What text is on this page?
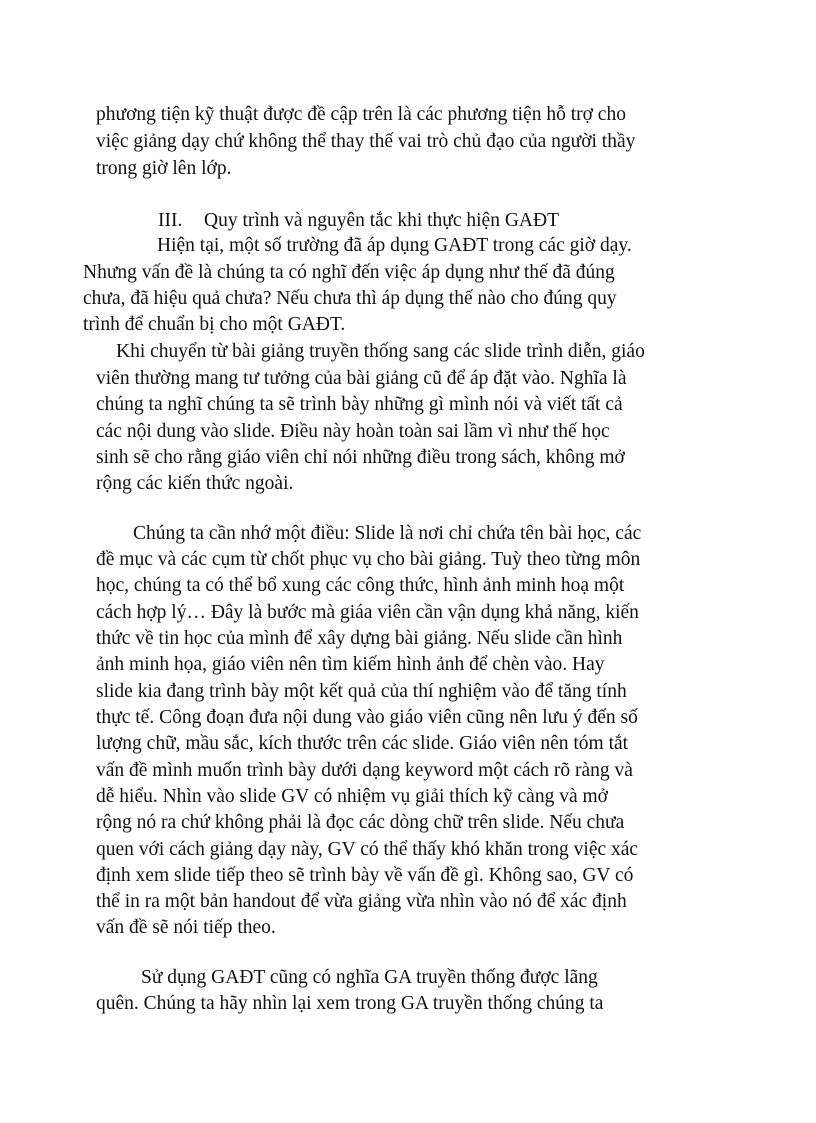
phương tiện kỹ thuật được đề cập trên là các phương tiện hỗ trợ cho

việc giảng dạy chứ không thể thay thế vai trò chủ đạo của người thầy

trong giờ lên lớp.

III. Quy trình và nguyên tắc khi thực hiện GAĐT

Hiện tại, một số trường đã áp dụng GAĐT trong các giờ dạy.

Nhưng vấn đề là chúng ta có nghĩ đến việc áp dụng như thế đã đúng

chưa, đã hiệu quả chưa? Nếu chưa thì áp dụng thế nào cho đúng quy

trình để chuẩn bị cho một GAĐT.

Khi chuyển từ bài giảng truyền thống sang các slide trình diễn, giáo

viên thường mang tư tưởng của bài giảng cũ để áp đặt vào. Nghĩa là

chúng ta nghĩ chúng ta sẽ trình bày những gì mình nói và viết tất cả

các nội dung vào slide. Điều này hoàn toàn sai lầm vì như thế học

sinh sẽ cho rằng giáo viên chỉ nói những điều trong sách, không mở

rộng các kiến thức ngoài.

Chúng ta cần nhớ một điều: Slide là nơi chỉ chứa tên bài học, các

đề mục và các cụm từ chốt phục vụ cho bài giảng. Tuỳ theo từng môn

học, chúng ta có thể bổ xung các công thức, hình ảnh minh hoạ một

cách hợp lý… Đây là bước mà giáa viên cần vận dụng khả năng, kiến

thức về tin học của mình để xây dựng bài giảng. Nếu slide cần hình

ảnh minh họa, giáo viên nên tìm kiếm hình ảnh để chèn vào. Hay

slide kia đang trình bày một kết quả của thí nghiệm vào để tăng tính

thực tế. Công đoạn đưa nội dung vào giáo viên cũng nên lưu ý đến số

lượng chữ, mầu sắc, kích thước trên các slide. Giáo viên nên tóm tắt

vấn đề mình muốn trình bày dưới dạng keyword một cách rõ ràng và

dễ hiểu. Nhìn vào slide GV có nhiệm vụ giải thích kỹ càng và mở

rộng nó ra chứ không phải là đọc các dòng chữ trên slide. Nếu chưa

quen với cách giảng dạy này, GV có thể thấy khó khăn trong việc xác

định xem slide tiếp theo sẽ trình bày về vấn đề gì. Không sao, GV có

thể in ra một bản handout để vừa giảng vừa nhìn vào nó để xác định

vấn đề sẽ nói tiếp theo.

Sử dụng GAĐT cũng có nghĩa GA truyền thống được lãng

quên. Chúng ta hãy nhìn lại xem trong GA truyền thống chúng ta
